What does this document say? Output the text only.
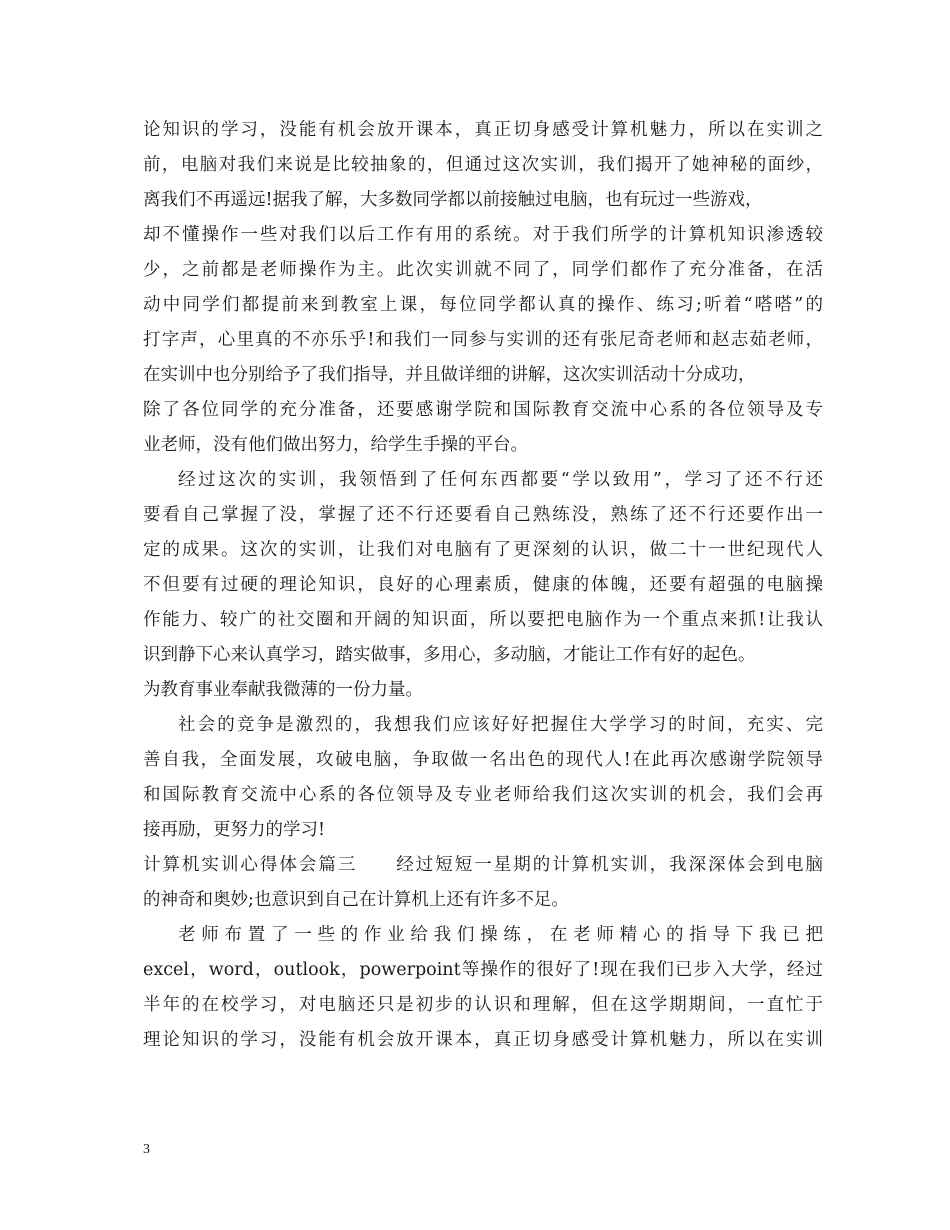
论知识的学习，没能有机会放开课本，真正切身感受计算机魅力，所以在实训之
前，电脑对我们来说是比较抽象的，但通过这次实训，我们揭开了她神秘的面纱，
离我们不再遥远!据我了解，大多数同学都以前接触过电脑，也有玩过一些游戏，
却不懂操作一些对我们以后工作有用的系统。对于我们所学的计算机知识渗透较
少，之前都是老师操作为主。此次实训就不同了，同学们都作了充分准备，在活
动中同学们都提前来到教室上课，每位同学都认真的操作、练习;听着“嗒嗒”的
打字声，心里真的不亦乐乎!和我们一同参与实训的还有张尼奇老师和赵志茹老师，
在实训中也分别给予了我们指导，并且做详细的讲解，这次实训活动十分成功，
除了各位同学的充分准备，还要感谢学院和国际教育交流中心系的各位领导及专
业老师，没有他们做出努力，给学生手操的平台。
经过这次的实训，我领悟到了任何东西都要“学以致用”，学习了还不行还
要看自己掌握了没，掌握了还不行还要看自己熟练没，熟练了还不行还要作出一
定的成果。这次的实训，让我们对电脑有了更深刻的认识，做二十一世纪现代人
不但要有过硬的理论知识，良好的心理素质，健康的体魄，还要有超强的电脑操
作能力、较广的社交圈和开阔的知识面，所以要把电脑作为一个重点来抓!让我认
识到静下心来认真学习，踏实做事，多用心，多动脑，才能让工作有好的起色。
为教育事业奉献我微薄的一份力量。
社会的竞争是激烈的，我想我们应该好好把握住大学学习的时间，充实、完
善自我，全面发展，攻破电脑，争取做一名出色的现代人!在此再次感谢学院领导
和国际教育交流中心系的各位领导及专业老师给我们这次实训的机会，我们会再
接再励，更努力的学习!
计算机实训心得体会篇三　　经过短短一星期的计算机实训，我深深体会到电脑
的神奇和奥妙;也意识到自己在计算机上还有许多不足。
老师布置了一些的作业给我们操练，在老师精心的指导下我已把
excel，word，outlook，powerpoint等操作的很好了!现在我们已步入大学，经过
半年的在校学习，对电脑还只是初步的认识和理解，但在这学期期间，一直忙于
理论知识的学习，没能有机会放开课本，真正切身感受计算机魅力，所以在实训
3
